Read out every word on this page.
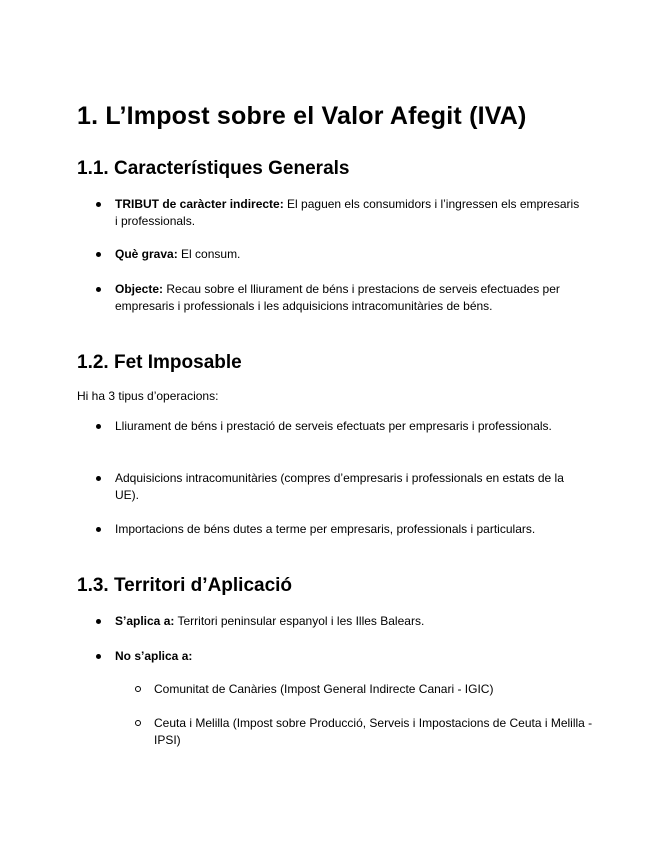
1. L’Impost sobre el Valor Afegit (IVA)
1.1. Característiques Generals
TRIBUT de caràcter indirecte: El paguen els consumidors i l’ingressen els empresaris i professionals.
Què grava: El consum.
Objecte: Recau sobre el lliurament de béns i prestacions de serveis efectuades per empresaris i professionals i les adquisicions intracomunitàries de béns.
1.2. Fet Imposable

Hi ha 3 tipus d’operacions:

Lliurament de béns i prestació de serveis efectuats per empresaris i professionals.
Adquisicions intracomunitàries (compres d’empresaris i professionals en estats de la UE).
Importacions de béns dutes a terme per empresaris, professionals i particulars.
1.3. Territori d’Aplicació
S’aplica a: Territori peninsular espanyol i les Illes Balears.
No s’aplica a:
Comunitat de Canàries (Impost General Indirecte Canari - IGIC)
Ceuta i Melilla (Impost sobre Producció, Serveis i Impostacions de Ceuta i Melilla - IPSI)
